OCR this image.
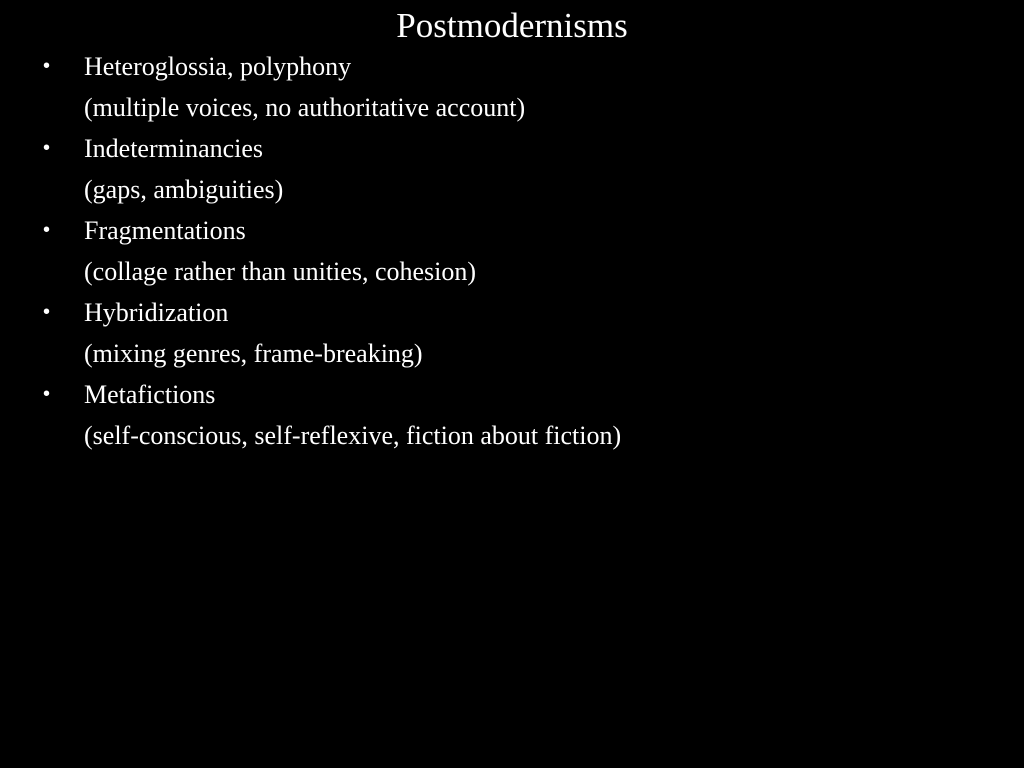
Postmodernisms
• Heteroglossia, polyphony
(multiple voices, no authoritative account)
• Indeterminancies
(gaps, ambiguities)
• Fragmentations
(collage rather than unities, cohesion)
• Hybridization
(mixing genres, frame-breaking)
• Metafictions
(self-conscious, self-reflexive, fiction about fiction)
